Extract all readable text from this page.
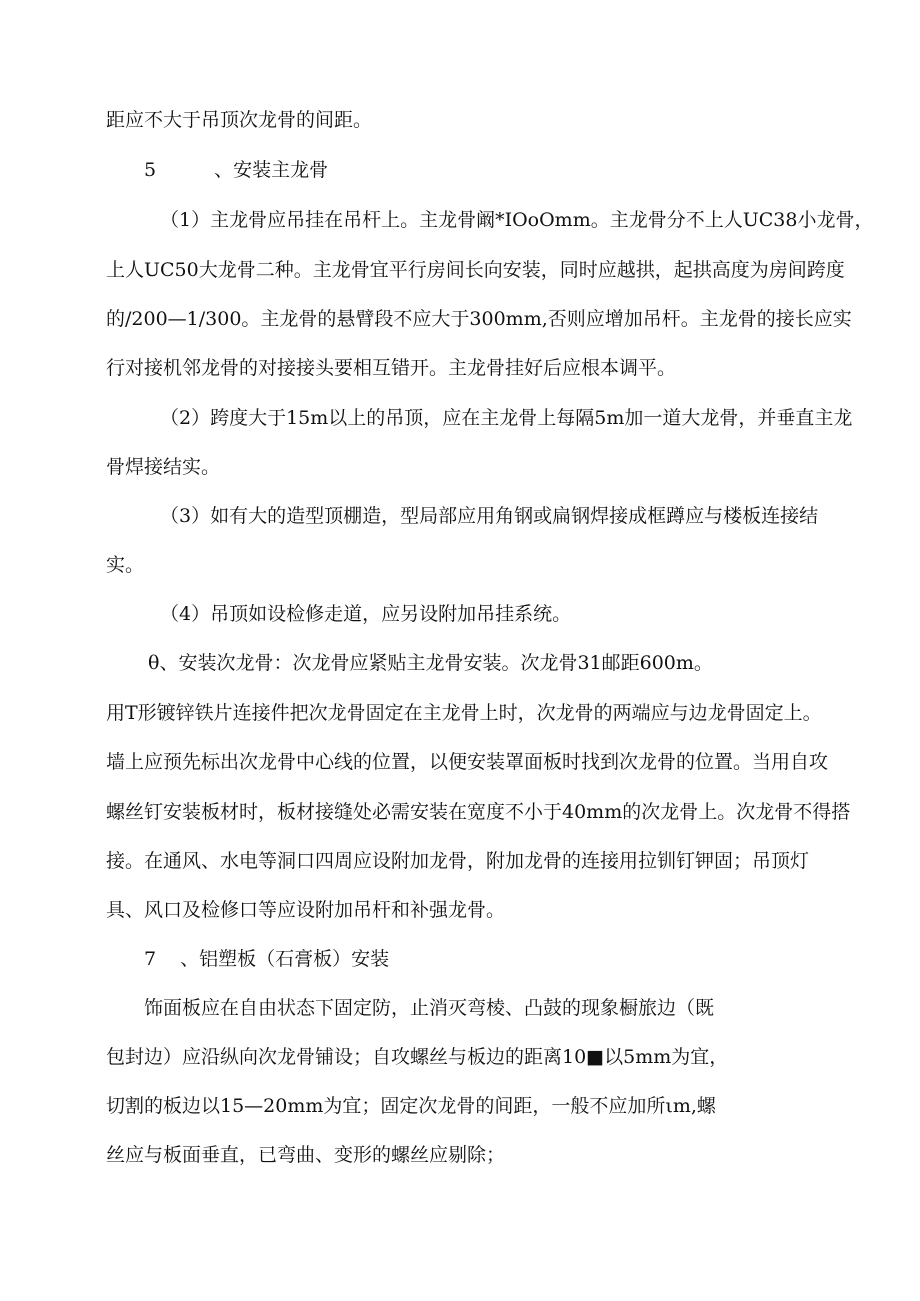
距应不大于吊顶次龙骨的间距。

5	、安装主龙骨

（1）主龙骨应吊挂在吊杆上。主龙骨阚*IOoOmm。主龙骨分不上人UC38小龙骨，

上人UC50大龙骨二种。主龙骨宜平行房间长向安装，同时应越拱，起拱高度为房间跨度

的/200—1/300。主龙骨的悬臂段不应大于300mm,否则应增加吊杆。主龙骨的接长应实

行对接机邻龙骨的对接接头要相互错开。主龙骨挂好后应根本调平。

（2）跨度大于15m以上的吊顶，应在主龙骨上每隔5m加一道大龙骨，并垂直主龙

骨焊接结实。

（3）如有大的造型顶棚造，型局部应用角钢或扁钢焊接成框蹲应与楼板连接结

实。

（4）吊顶如设检修走道，应另设附加吊挂系统。

θ、安装次龙骨：次龙骨应紧贴主龙骨安装。次龙骨31邮距600m。

用T形镀锌铁片连接件把次龙骨固定在主龙骨上时，次龙骨的两端应与边龙骨固定上。

墙上应预先标出次龙骨中心线的位置，以便安装罩面板时找到次龙骨的位置。当用自攻

螺丝钉安装板材时，板材接缝处必需安装在宽度不小于40mm的次龙骨上。次龙骨不得搭

接。在通风、水电等洞口四周应设附加龙骨，附加龙骨的连接用拉钏钉钾固；吊顶灯

具、风口及检修口等应设附加吊杆和补强龙骨。

7 、铝塑板（石膏板）安装

饰面板应在自由状态下固定防，止消灭弯棱、凸鼓的现象橱旅边（既

包封边）应沿纵向次龙骨铺设；自攻螺丝与板边的距离10■以5mm为宜，

切割的板边以15—20mm为宜；固定次龙骨的间距，一般不应加所ιm,螺

丝应与板面垂直，已弯曲、变形的螺丝应剔除；
